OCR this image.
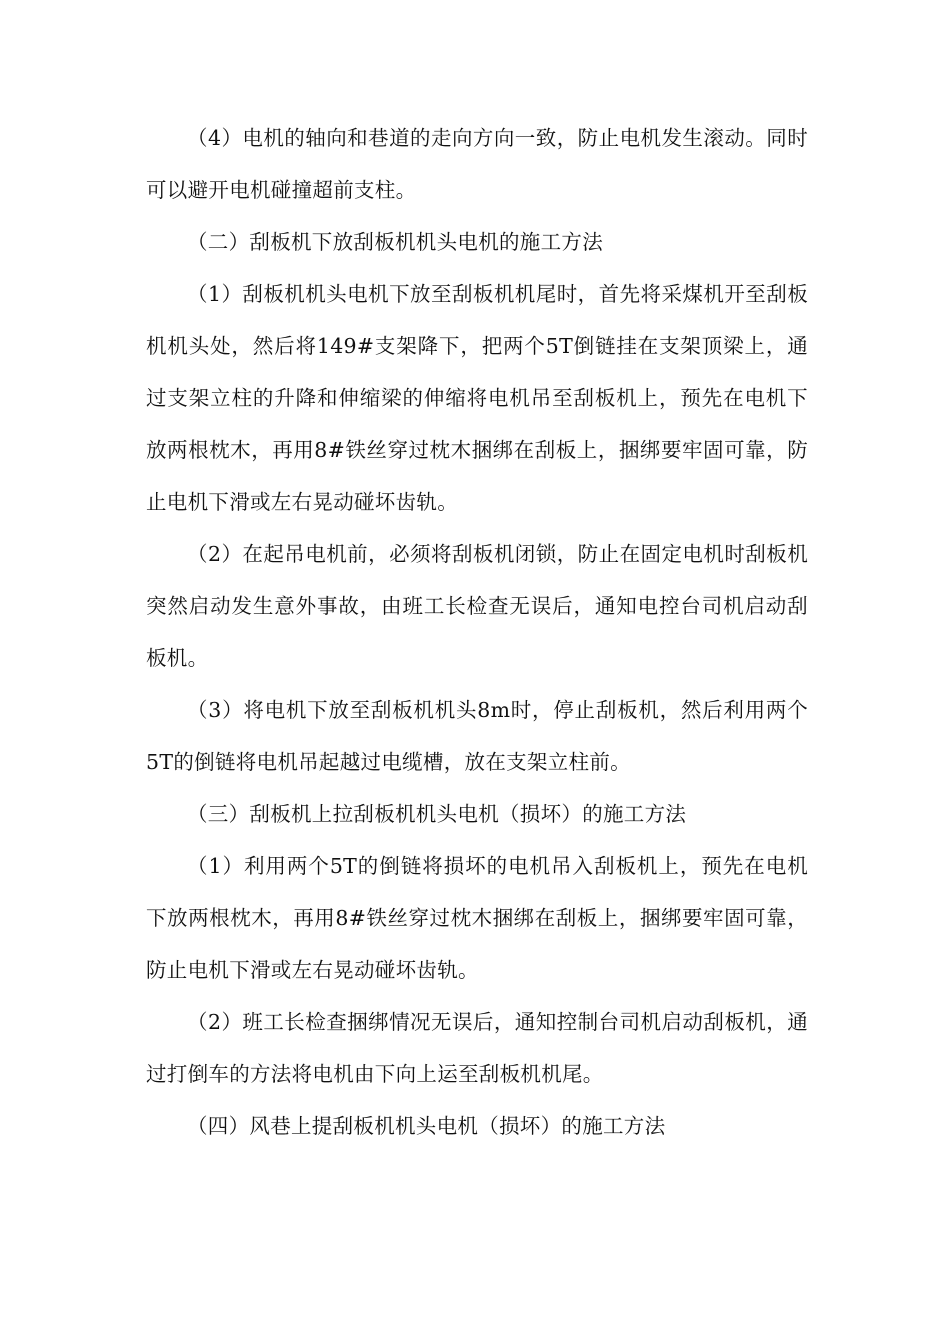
（4）电机的轴向和巷道的走向方向一致，防止电机发生滚动。同时可以避开电机碰撞超前支柱。

（二）刮板机下放刮板机机头电机的施工方法

（1）刮板机机头电机下放至刮板机机尾时，首先将采煤机开至刮板机机头处，然后将149#支架降下，把两个5T倒链挂在支架顶梁上，通过支架立柱的升降和伸缩梁的伸缩将电机吊至刮板机上，预先在电机下放两根枕木，再用8#铁丝穿过枕木捆绑在刮板上，捆绑要牢固可靠，防止电机下滑或左右晃动碰坏齿轨。

（2）在起吊电机前，必须将刮板机闭锁，防止在固定电机时刮板机突然启动发生意外事故，由班工长检查无误后，通知电控台司机启动刮板机。

（3）将电机下放至刮板机机头8m时，停止刮板机，然后利用两个5T的倒链将电机吊起越过电缆槽，放在支架立柱前。

（三）刮板机上拉刮板机机头电机（损坏）的施工方法

（1）利用两个5T的倒链将损坏的电机吊入刮板机上，预先在电机下放两根枕木，再用8#铁丝穿过枕木捆绑在刮板上，捆绑要牢固可靠，防止电机下滑或左右晃动碰坏齿轨。

（2）班工长检查捆绑情况无误后，通知控制台司机启动刮板机，通过打倒车的方法将电机由下向上运至刮板机机尾。

（四）风巷上提刮板机机头电机（损坏）的施工方法
